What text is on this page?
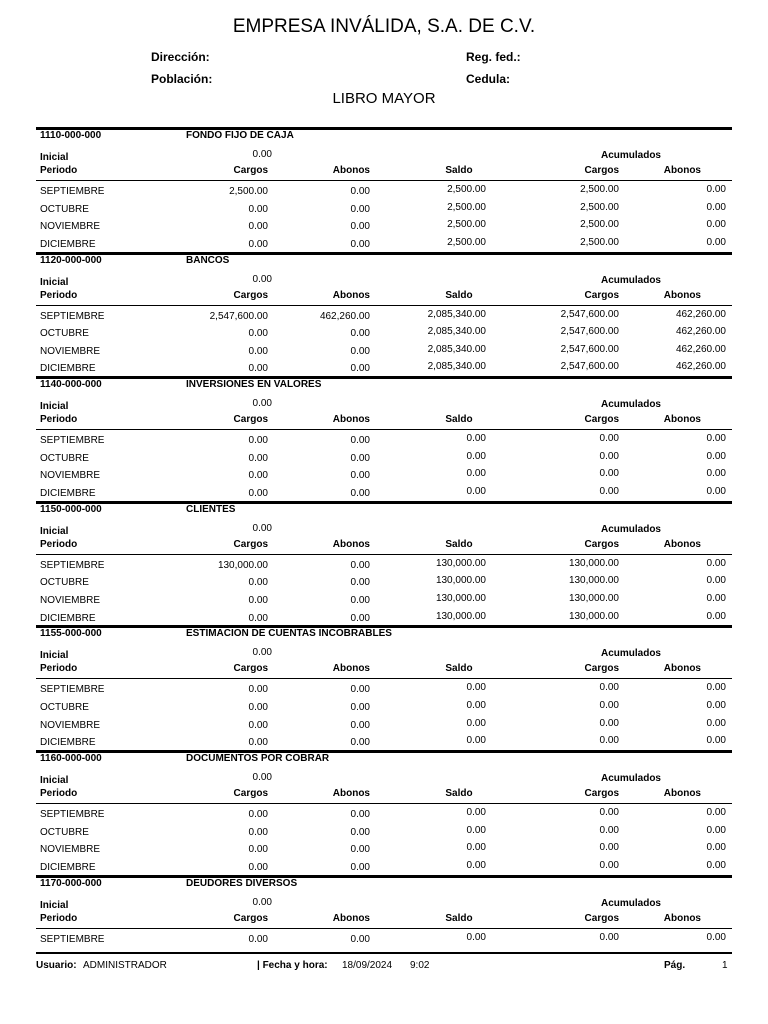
EMPRESA INVÁLIDA, S.A. DE C.V.
Dirección:
Población:
Reg. fed.:
Cedula:
LIBRO MAYOR
1110-000-000	FONDO FIJO DE CAJA
Inicial	0.00	Acumulados
Periodo	Cargos	Abonos	Saldo	Cargos	Abonos
SEPTIEMBRE	2,500.00	0.00	2,500.00	2,500.00	0.00
OCTUBRE	0.00	0.00	2,500.00	2,500.00	0.00
NOVIEMBRE	0.00	0.00	2,500.00	2,500.00	0.00
DICIEMBRE	0.00	0.00	2,500.00	2,500.00	0.00
1120-000-000	BANCOS
Inicial	0.00	Acumulados
Periodo	Cargos	Abonos	Saldo	Cargos	Abonos
SEPTIEMBRE	2,547,600.00	462,260.00	2,085,340.00	2,547,600.00	462,260.00
OCTUBRE	0.00	0.00	2,085,340.00	2,547,600.00	462,260.00
NOVIEMBRE	0.00	0.00	2,085,340.00	2,547,600.00	462,260.00
DICIEMBRE	0.00	0.00	2,085,340.00	2,547,600.00	462,260.00
1140-000-000	INVERSIONES EN VALORES
Inicial	0.00	Acumulados
Periodo	Cargos	Abonos	Saldo	Cargos	Abonos
SEPTIEMBRE	0.00	0.00	0.00	0.00	0.00
OCTUBRE	0.00	0.00	0.00	0.00	0.00
NOVIEMBRE	0.00	0.00	0.00	0.00	0.00
DICIEMBRE	0.00	0.00	0.00	0.00	0.00
1150-000-000	CLIENTES
Inicial	0.00	Acumulados
Periodo	Cargos	Abonos	Saldo	Cargos	Abonos
SEPTIEMBRE	130,000.00	0.00	130,000.00	130,000.00	0.00
OCTUBRE	0.00	0.00	130,000.00	130,000.00	0.00
NOVIEMBRE	0.00	0.00	130,000.00	130,000.00	0.00
DICIEMBRE	0.00	0.00	130,000.00	130,000.00	0.00
1155-000-000	ESTIMACION DE CUENTAS INCOBRABLES
Inicial	0.00	Acumulados
Periodo	Cargos	Abonos	Saldo	Cargos	Abonos
SEPTIEMBRE	0.00	0.00	0.00	0.00	0.00
OCTUBRE	0.00	0.00	0.00	0.00	0.00
NOVIEMBRE	0.00	0.00	0.00	0.00	0.00
DICIEMBRE	0.00	0.00	0.00	0.00	0.00
1160-000-000	DOCUMENTOS POR COBRAR
Inicial	0.00	Acumulados
Periodo	Cargos	Abonos	Saldo	Cargos	Abonos
SEPTIEMBRE	0.00	0.00	0.00	0.00	0.00
OCTUBRE	0.00	0.00	0.00	0.00	0.00
NOVIEMBRE	0.00	0.00	0.00	0.00	0.00
DICIEMBRE	0.00	0.00	0.00	0.00	0.00
1170-000-000	DEUDORES DIVERSOS
Inicial	0.00	Acumulados
Periodo	Cargos	Abonos	Saldo	Cargos	Abonos
SEPTIEMBRE	0.00	0.00	0.00	0.00	0.00
Usuario: ADMINISTRADOR	| Fecha y hora: 18/09/2024 9:02	Pág.	1
